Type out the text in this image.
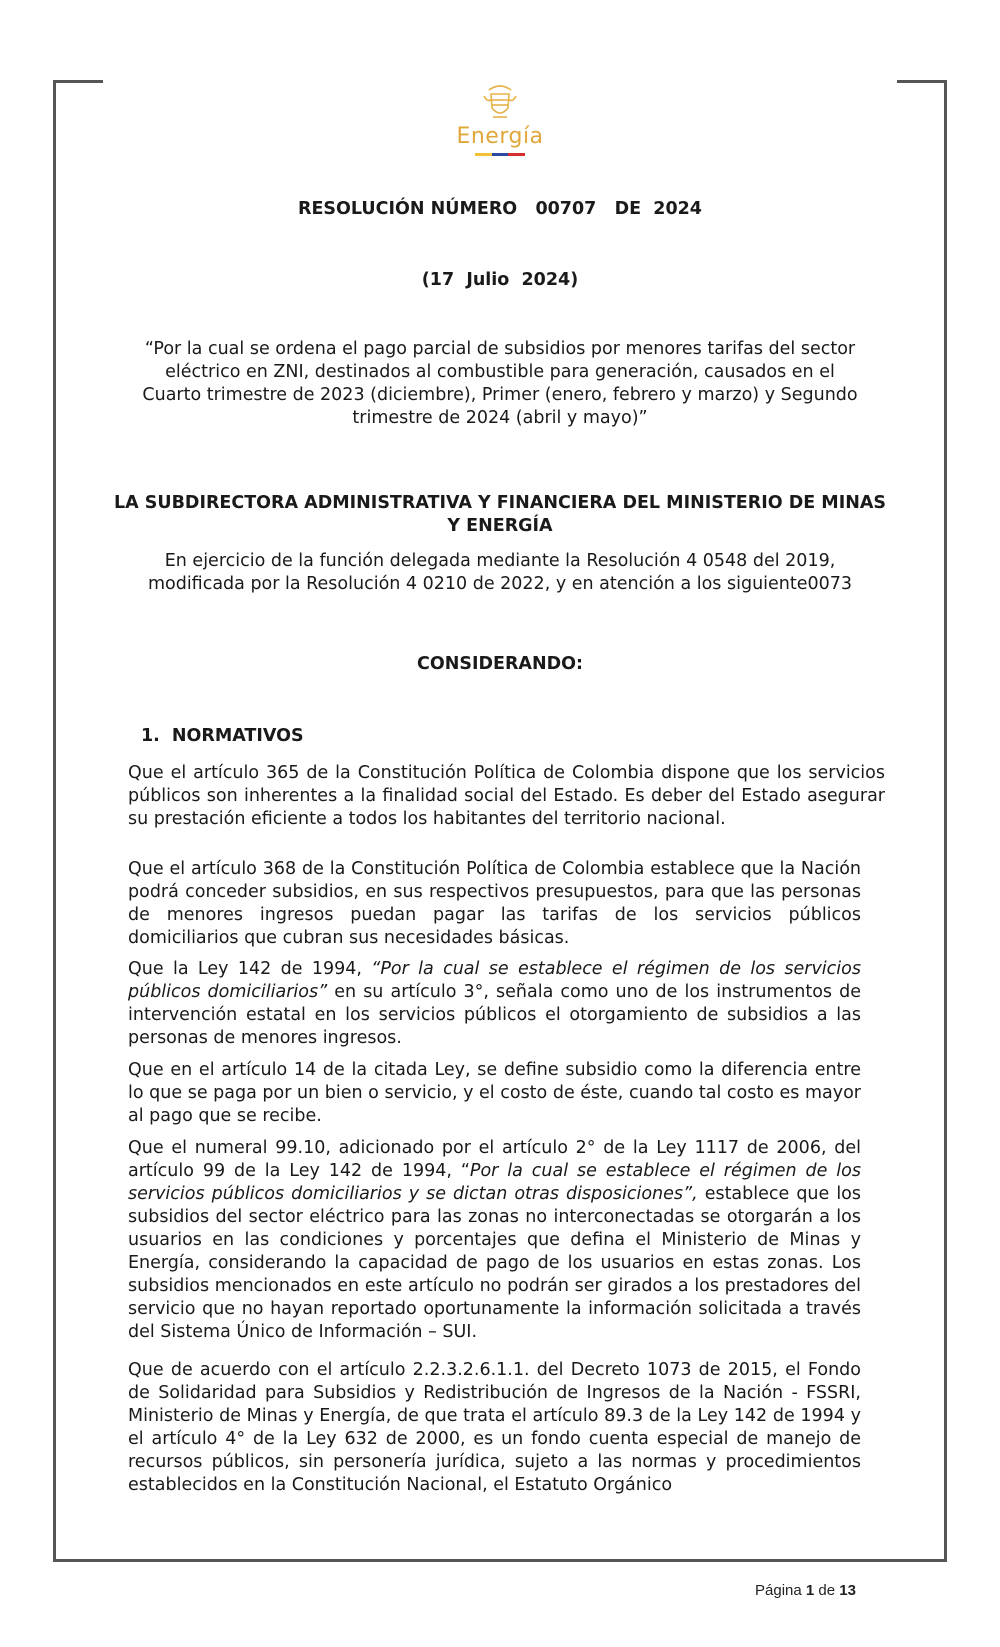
Energía
RESOLUCIÓN NÚMERO   00707   DE  2024
(17  Julio  2024)
“Por la cual se ordena el pago parcial de subsidios por menores tarifas del sector eléctrico en ZNI, destinados al combustible para generación, causados en el Cuarto trimestre de 2023 (diciembre), Primer (enero, febrero y marzo) y Segundo trimestre de 2024 (abril y mayo)”
LA SUBDIRECTORA ADMINISTRATIVA Y FINANCIERA DEL MINISTERIO DE MINAS Y ENERGÍA
En ejercicio de la función delegada mediante la Resolución 4 0548 del 2019, modificada por la Resolución 4 0210 de 2022, y en atención a los siguiente0073
CONSIDERANDO:
1. NORMATIVOS
Que el artículo 365 de la Constitución Política de Colombia dispone que los servicios públicos son inherentes a la finalidad social del Estado. Es deber del Estado asegurar su prestación eficiente a todos los habitantes del territorio nacional.
Que el artículo 368 de la Constitución Política de Colombia establece que la Nación podrá conceder subsidios, en sus respectivos presupuestos, para que las personas de menores ingresos puedan pagar las tarifas de los servicios públicos domiciliarios que cubran sus necesidades básicas.
Que la Ley 142 de 1994, “Por la cual se establece el régimen de los servicios públicos domiciliarios” en su artículo 3°, señala como uno de los instrumentos de intervención estatal en los servicios públicos el otorgamiento de subsidios a las personas de menores ingresos.
Que en el artículo 14 de la citada Ley, se define subsidio como la diferencia entre lo que se paga por un bien o servicio, y el costo de éste, cuando tal costo es mayor al pago que se recibe.
Que el numeral 99.10, adicionado por el artículo 2° de la Ley 1117 de 2006, del artículo 99 de la Ley 142 de 1994, “Por la cual se establece el régimen de los servicios públicos domiciliarios y se dictan otras disposiciones”, establece que los subsidios del sector eléctrico para las zonas no interconectadas se otorgarán a los usuarios en las condiciones y porcentajes que defina el Ministerio de Minas y Energía, considerando la capacidad de pago de los usuarios en estas zonas. Los subsidios mencionados en este artículo no podrán ser girados a los prestadores del servicio que no hayan reportado oportunamente la información solicitada a través del Sistema Único de Información – SUI.
Que de acuerdo con el artículo 2.2.3.2.6.1.1. del Decreto 1073 de 2015, el Fondo de Solidaridad para Subsidios y Redistribución de Ingresos de la Nación - FSSRI, Ministerio de Minas y Energía, de que trata el artículo 89.3 de la Ley 142 de 1994 y el artículo 4° de la Ley 632 de 2000, es un fondo cuenta especial de manejo de recursos públicos, sin personería jurídica, sujeto a las normas y procedimientos establecidos en la Constitución Nacional, el Estatuto Orgánico
Página 1 de 13
